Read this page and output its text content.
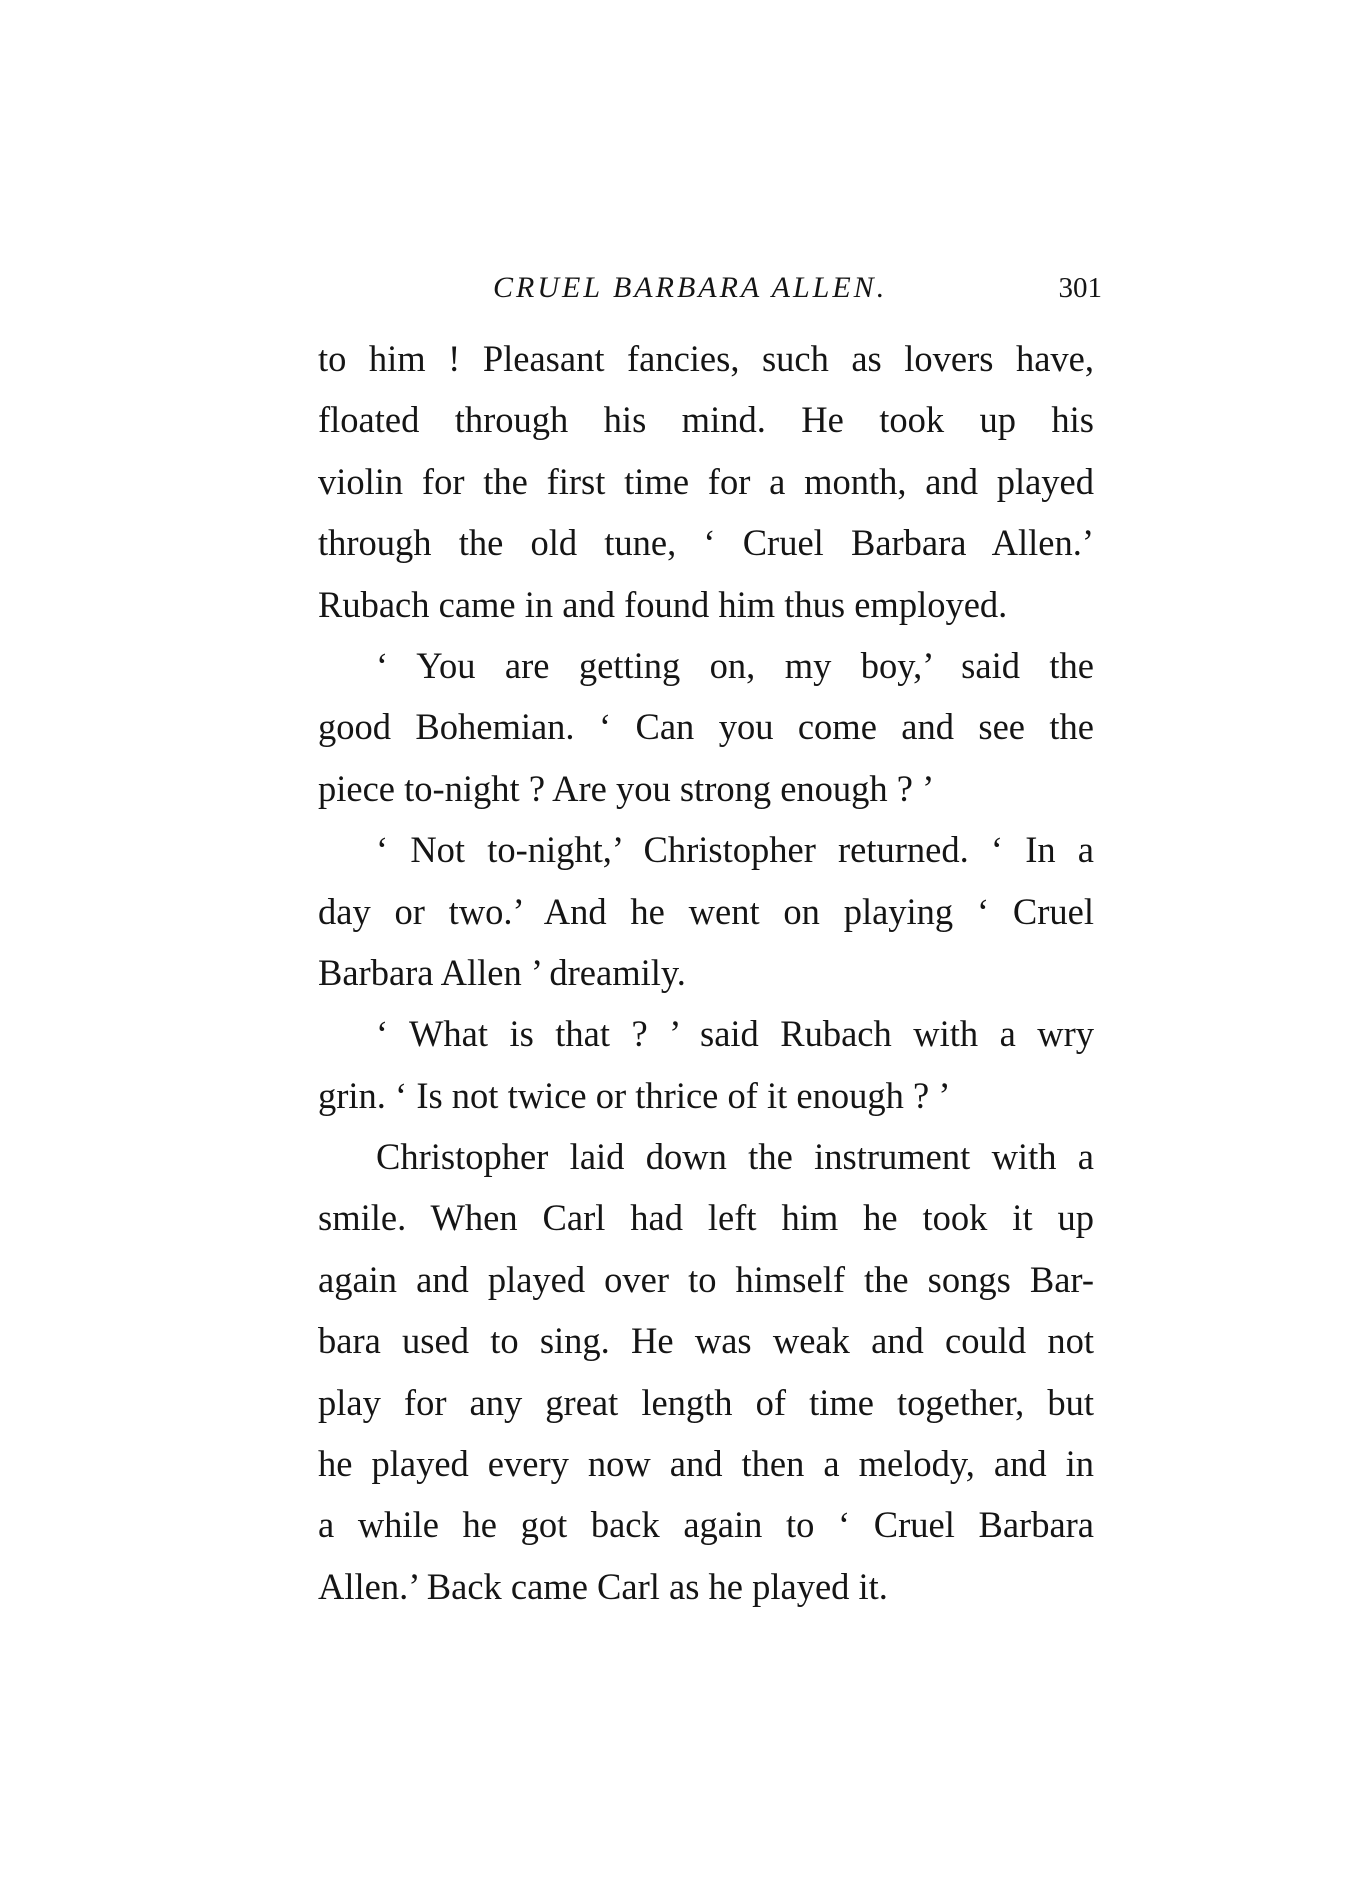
CRUEL BARBARA ALLEN.	301
to him ! Pleasant fancies, such as lovers have,
floated through his mind. He took up his
violin for the first time for a month, and played
through the old tune, ‘ Cruel Barbara Allen.’
Rubach came in and found him thus employed.
‘ You are getting on, my boy,’ said the
good Bohemian. ‘ Can you come and see the
piece to-night ? Are you strong enough ? ’
‘ Not to-night,’ Christopher returned. ‘ In a
day or two.’ And he went on playing ‘ Cruel
Barbara Allen ’ dreamily.
‘ What is that ? ’ said Rubach with a wry
grin. ‘ Is not twice or thrice of it enough ? ’
Christopher laid down the instrument with a
smile. When Carl had left him he took it up
again and played over to himself the songs Bar-
bara used to sing. He was weak and could not
play for any great length of time together, but
he played every now and then a melody, and in
a while he got back again to ‘ Cruel Barbara
Allen.’ Back came Carl as he played it.
